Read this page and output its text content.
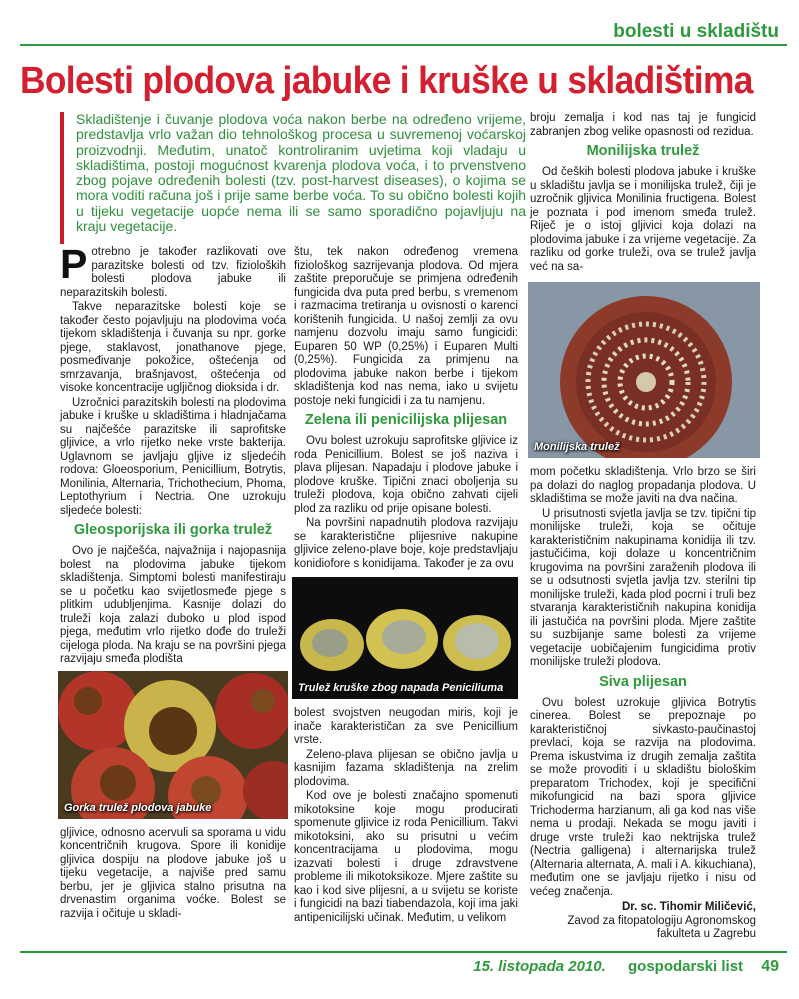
bolesti u skladištu
Bolesti plodova jabuke i kruške u skladištima

Skladištenje i čuvanje plodova voća nakon berbe na određeno vrijeme, predstavlja vrlo važan dio tehnološkog procesa u suvremenoj voćarskoj proizvodnji. Međutim, unatoč kontroliranim uvjetima koji vladaju u skladištima, postoji mogućnost kvarenja plodova voća, i to prvenstveno zbog pojave određenih bolesti (tzv. post-harvest diseases), o kojima se mora voditi računa još i prije same berbe voća. To su obično bolesti kojih u tijeku vegetacije uopće nema ili se samo sporadično pojavljuju na kraju vegetacije.

Potrebno je također razlikovati ove parazitske bolesti od tzv. fizioloških bolesti plodova jabuke ili neparazitskih bolesti.

Takve neparazitske bolesti koje se također često pojavljuju na plodovima voća tijekom skladištenja i čuvanja su npr. gorke pjege, staklavost, jonathanove pjege, posmeđivanje pokožice, oštećenja od smrzavanja, brašnjavost, oštećenja od visoke koncentracije ugljičnog dioksida i dr.

Uzročnici parazitskih bolesti na plodovima jabuke i kruške u skladištima i hladnjačama su najčešće parazitske ili saprofitske gljivice, a vrlo rijetko neke vrste bakterija. Uglavnom se javljaju gljive iz sljedećih rodova: Gloeosporium, Penicillium, Botrytis, Monilinia, Alternaria, Trichothecium, Phoma, Leptothyrium i Nectria. One uzrokuju sljedeće bolesti:

Gleosporijska ili gorka trulež

Ovo je najčešća, najvažnija i najopasnija bolest na plodovima jabuke tijekom skladištenja. Simptomi bolesti manifestiraju se u početku kao svijetlosmeđe pjege s plitkim udubljenjima. Kasnije dolazi do truleži koja zalazi duboko u plod ispod pjega, međutim vrlo rijetko dođe do truleži cijeloga ploda. Na kraju se na površini pjega razvijaju smeđa plodišta

Gorka trulež plodova jabuke

gljivice, odnosno acervuli sa sporama u vidu koncentričnih krugova. Spore ili konidije gljivica dospiju na plodove jabuke još u tijeku vegetacije, a najviše pred samu berbu, jer je gljivica stalno prisutna na drvenastim organima voćke. Bolest se razvija i očituje u skladi-

štu, tek nakon određenog vremena fiziološkog sazrijevanja plodova. Od mjera zaštite preporučuje se primjena određenih fungicida dva puta pred berbu, s vremenom i razmacima tretiranja u ovisnosti o karenci korištenih fungicida. U našoj zemlji za ovu namjenu dozvolu imaju samo fungicidi: Euparen 50 WP (0,25%) i Euparen Multi (0,25%). Fungicida za primjenu na plodovima jabuke nakon berbe i tijekom skladištenja kod nas nema, iako u svijetu postoje neki fungicidi i za tu namjenu.

Zelena ili penicilijska plijesan

Ovu bolest uzrokuju saprofitske gljivice iz roda Penicillium. Bolest se još naziva i plava plijesan. Napadaju i plodove jabuke i plodove kruške. Tipični znaci oboljenja su truleži plodova, koja obično zahvati cijeli plod za razliku od prije opisane bolesti.

Na površini napadnutih plodova razvijaju se karakteristične plijesnive nakupine gljivice zeleno-plave boje, koje predstavljaju konidiofore s konidijama. Također je za ovu

Trulež kruške zbog napada Peniciliuma

bolest svojstven neugodan miris, koji je inače karakterističan za sve Penicillium vrste.

Zeleno-plava plijesan se obično javlja u kasnijim fazama skladištenja na zrelim plodovima.

Kod ove je bolesti značajno spomenuti mikotoksine koje mogu producirati spomenute gljivice iz roda Penicillium. Takvi mikotoksini, ako su prisutni u većim koncentracijama u plodovima, mogu izazvati bolesti i druge zdravstvene probleme ili mikotoksikoze. Mjere zaštite su kao i kod sive plijesni, a u svijetu se koriste i fungicidi na bazi tiabendazola, koji ima jaki antipenicilijski učinak. Međutim, u velikom

broju zemalja i kod nas taj je fungicid zabranjen zbog velike opasnosti od rezidua.

Monilijska trulež

Od čeških bolesti plodova jabuke i kruške u skladištu javlja se i monilijska trulež, čiji je uzročnik gljivica Monilinia fructigena. Bolest je poznata i pod imenom smeđa trulež. Riječ je o istoj gljivici koja dolazi na plodovima jabuke i za vrijeme vegetacije. Za razliku od gorke truleži, ova se trulež javlja već na sa-

Monilijska trulež

mom početku skladištenja. Vrlo brzo se širi pa dolazi do naglog propadanja plodova. U skladištima se može javiti na dva načina.

U prisutnosti svjetla javlja se tzv. tipični tip monilijske truleži, koja se očituje karakterističnim nakupinama konidija ili tzv. jastučićima, koji dolaze u koncentričnim krugovima na površini zaraženih plodova ili se u odsutnosti svjetla javlja tzv. sterilni tip monilijske truleži, kada plod pocrni i truli bez stvaranja karakterističnih nakupina konidija ili jastučića na površini ploda. Mjere zaštite su suzbijanje same bolesti za vrijeme vegetacije uobičajenim fungicidima protiv monilijske truleži plodova.

Siva plijesan

Ovu bolest uzrokuje gljivica Botrytis cinerea. Bolest se prepoznaje po karakterističnoj sivkasto-paučinastoj prevlaci, koja se razvija na plodovima. Prema iskustvima iz drugih zemalja zaštita se može provoditi i u skladištu biološkim preparatom Trichodex, koji je specifični mikofungicid na bazi spora gljivice Trichoderma harzianum, ali ga kod nas više nema u prodaji. Nekada se mogu javiti i druge vrste truleži kao nektrijska trulež (Nectria galligena) i alternarijska trulež (Alternaria alternata, A. mali i A. kikuchiana), međutim one se javljaju rijetko i nisu od većeg značenja.

Dr. sc. Tihomir Miličević,
Zavod za fitopatologiju Agronomskog fakulteta u Zagrebu
15. listopada 2010. gospodarski list 49
